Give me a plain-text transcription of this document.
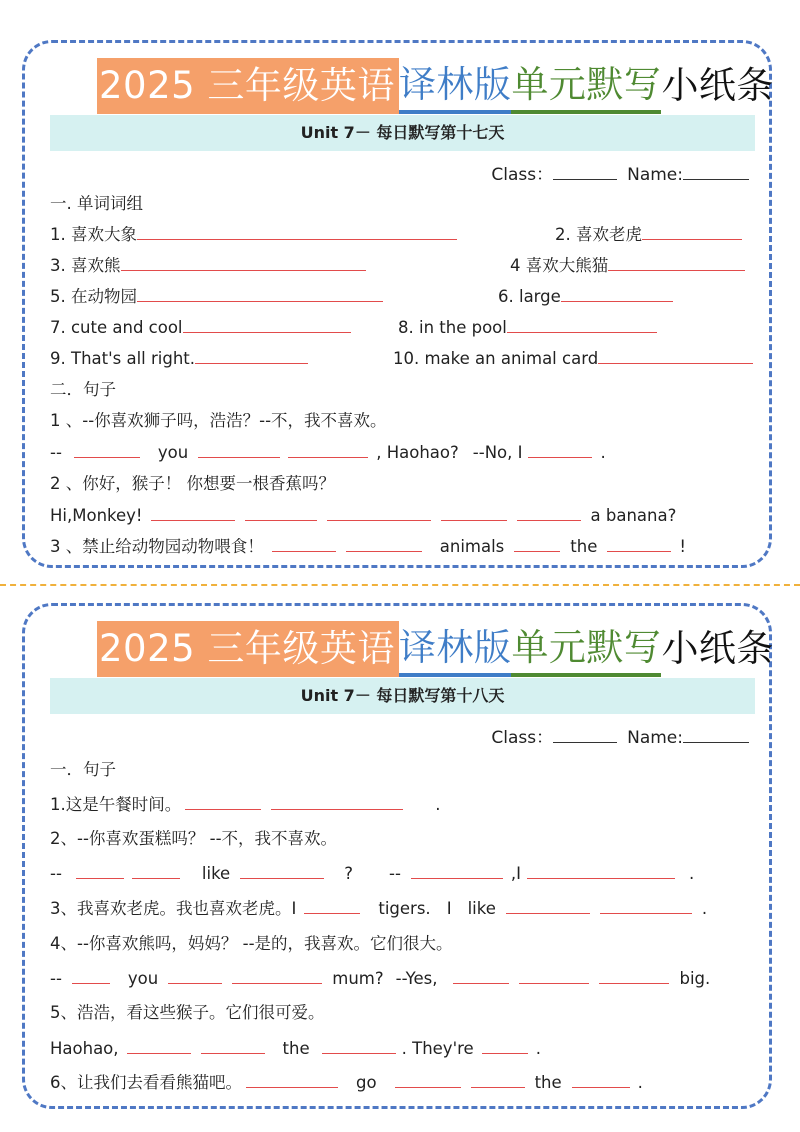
2025 三年级英语 译林版单元默写小纸条
Unit 7－ 每日默写第十七天
Class：	Name:
一. 单词词组
1. 喜欢大象	2. 喜欢老虎
3. 喜欢熊	4 喜欢大熊猫
5. 在动物园	6. large
7. cute and cool	8. in the pool
9. That's all right.	10. make an animal card
二．句子
1 、--你喜欢狮子吗，浩浩？--不，我不喜欢。
--	you	, Haohao? --No, I	.
2 、你好，猴子！ 你想要一根香蕉吗？
Hi,Monkey!	a banana?
3 、禁止给动物园动物喂食！	animals	the	!
2025 三年级英语 译林版单元默写小纸条
Unit 7－ 每日默写第十八天
Class：	Name:
一．句子
1.这是午餐时间。	.
2、--你喜欢蛋糕吗？ --不，我不喜欢。
--	like	? --	,I	.
3、我喜欢老虎。我也喜欢老虎。I	tigers. I like	.
4、--你喜欢熊吗，妈妈？ --是的，我喜欢。它们很大。
--	you	mum? --Yes,	big.
5、浩浩，看这些猴子。它们很可爱。
Haohao,	the	. They're	.
6、让我们去看看熊猫吧。	go	the	.
